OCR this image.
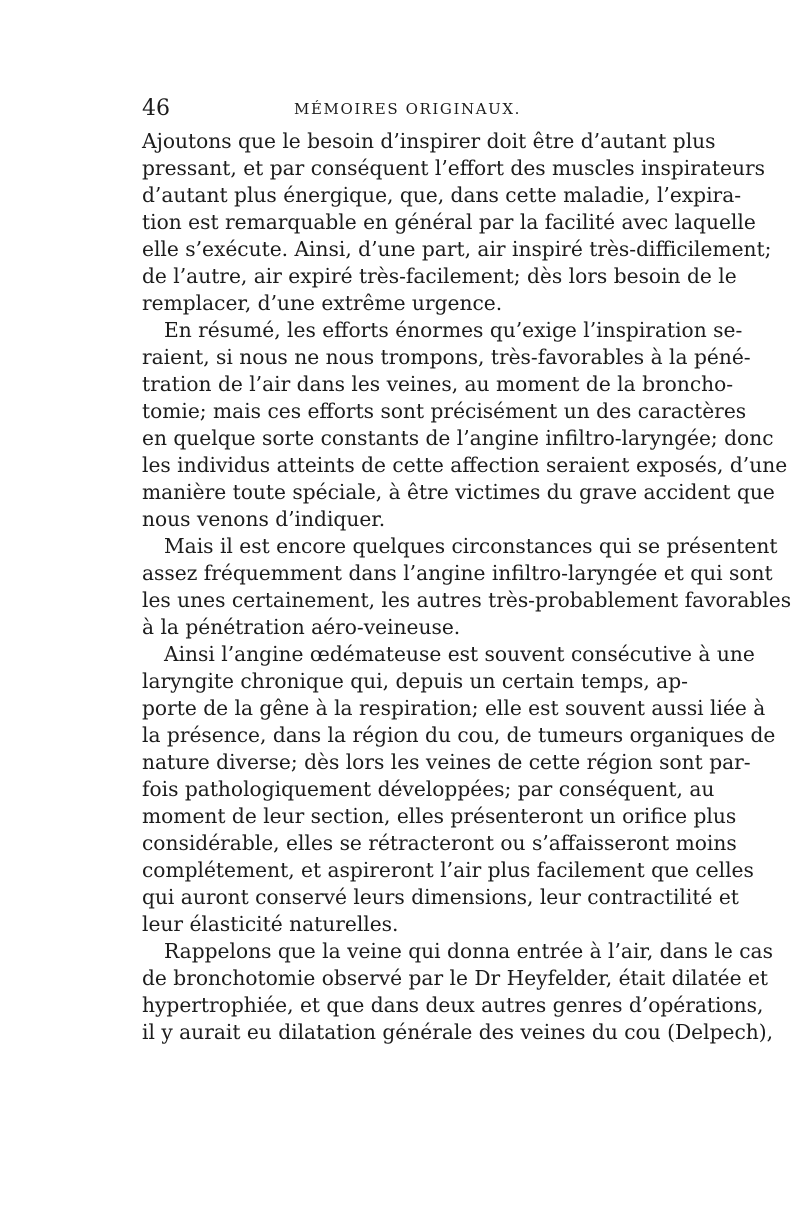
46	MÉMOIRES ORIGINAUX.

Ajoutons que le besoin d’inspirer doit être d’autant plus
pressant, et par conséquent l’effort des muscles inspirateurs
d’autant plus énergique, que, dans cette maladie, l’expira-
tion est remarquable en général par la facilité avec laquelle
elle s’exécute. Ainsi, d’une part, air inspiré très-difficilement;
de l’autre, air expiré très-facilement; dès lors besoin de le
remplacer, d’une extrême urgence.

En résumé, les efforts énormes qu’exige l’inspiration se-
raient, si nous ne nous trompons, très-favorables à la péné-
tration de l’air dans les veines, au moment de la broncho-
tomie; mais ces efforts sont précisément un des caractères
en quelque sorte constants de l’angine infiltro-laryngée; donc
les individus atteints de cette affection seraient exposés, d’une
manière toute spéciale, à être victimes du grave accident que
nous venons d’indiquer.

Mais il est encore quelques circonstances qui se présentent
assez fréquemment dans l’angine infiltro-laryngée et qui sont
les unes certainement, les autres très-probablement favorables
à la pénétration aéro-veineuse.

Ainsi l’angine œdémateuse est souvent consécutive à une
laryngite chronique qui, depuis un certain temps, ap-
porte de la gêne à la respiration; elle est souvent aussi liée à
la présence, dans la région du cou, de tumeurs organiques de
nature diverse; dès lors les veines de cette région sont par-
fois pathologiquement développées; par conséquent, au
moment de leur section, elles présenteront un orifice plus
considérable, elles se rétracteront ou s’affaisseront moins
complétement, et aspireront l’air plus facilement que celles
qui auront conservé leurs dimensions, leur contractilité et
leur élasticité naturelles.

Rappelons que la veine qui donna entrée à l’air, dans le cas
de bronchotomie observé par le Dr Heyfelder, était dilatée et
hypertrophiée, et que dans deux autres genres d’opérations,
il y aurait eu dilatation générale des veines du cou (Delpech),
